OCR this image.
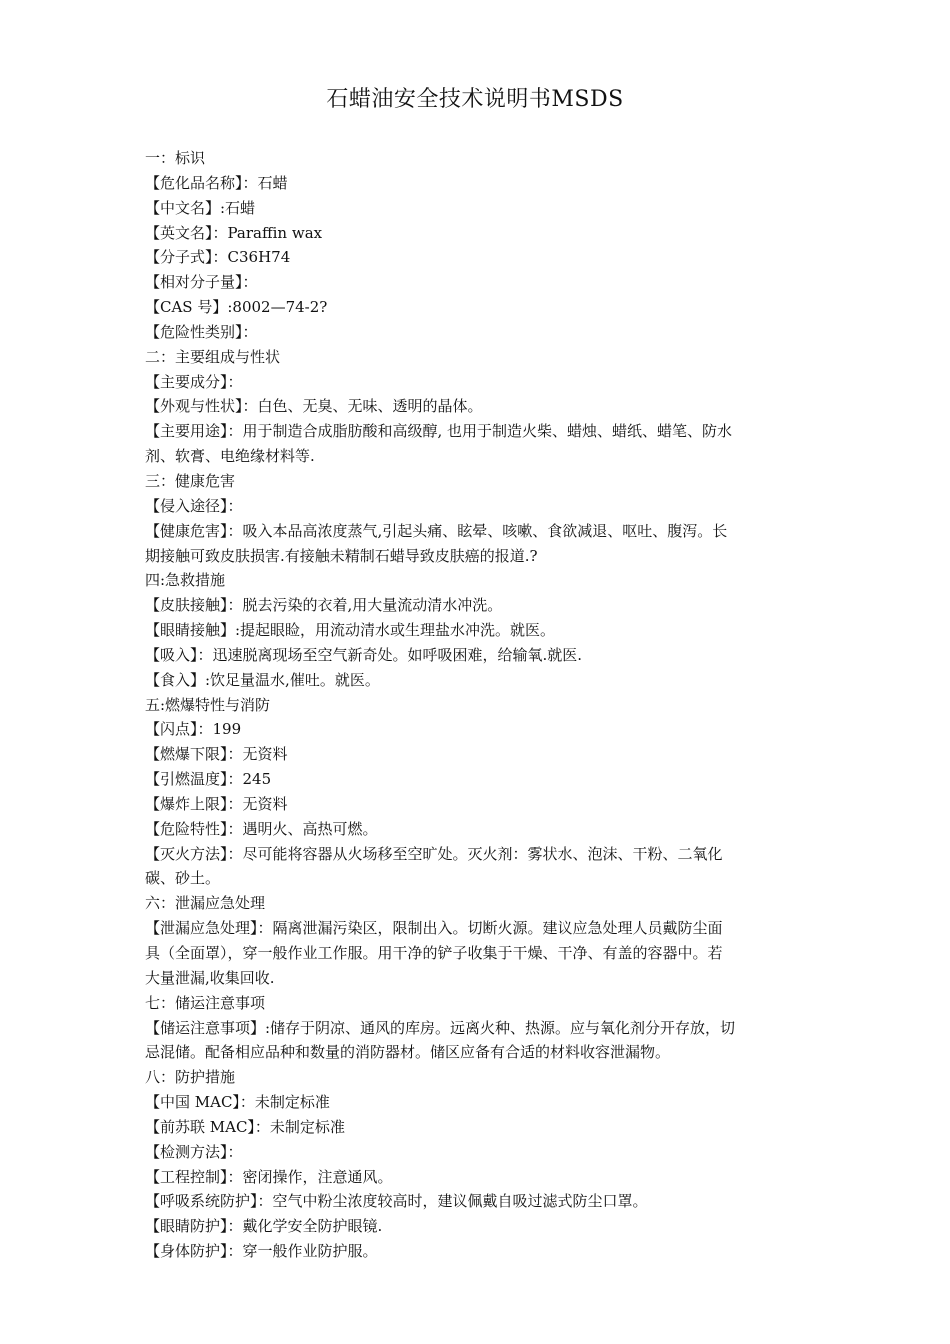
石蜡油安全技术说明书MSDS
一：标识
【危化品名称】：石蜡
【中文名】:石蜡
【英文名】：Paraffin wax
【分子式】：C36H74
【相对分子量】：
【CAS 号】:8002—74-2?
【危险性类别】：
二：主要组成与性状
【主要成分】：
【外观与性状】：白色、无臭、无味、透明的晶体。
【主要用途】：用于制造合成脂肪酸和高级醇, 也用于制造火柴、蜡烛、蜡纸、蜡笔、防水
剂、软膏、电绝缘材料等.
三：健康危害
【侵入途径】：
【健康危害】：吸入本品高浓度蒸气,引起头痛、眩晕、咳嗽、食欲减退、呕吐、腹泻。长
期接触可致皮肤损害.有接触未精制石蜡导致皮肤癌的报道.?
四:急救措施
【皮肤接触】：脱去污染的衣着,用大量流动清水冲洗。
【眼睛接触】:提起眼睑，用流动清水或生理盐水冲洗。就医。
【吸入】：迅速脱离现场至空气新奇处。如呼吸困难，给输氧.就医.
【食入】:饮足量温水,催吐。就医。
五:燃爆特性与消防
【闪点】：199
【燃爆下限】：无资料
【引燃温度】：245
【爆炸上限】：无资料
【危险特性】：遇明火、高热可燃。
【灭火方法】：尽可能将容器从火场移至空旷处。灭火剂：雾状水、泡沫、干粉、二氧化
碳、砂土。
六：泄漏应急处理
【泄漏应急处理】：隔离泄漏污染区，限制出入。切断火源。建议应急处理人员戴防尘面
具（全面罩），穿一般作业工作服。用干净的铲子收集于干燥、干净、有盖的容器中。若
大量泄漏,收集回收.
七：储运注意事项
【储运注意事项】:储存于阴凉、通风的库房。远离火种、热源。应与氧化剂分开存放，切
忌混储。配备相应品种和数量的消防器材。储区应备有合适的材料收容泄漏物。
八：防护措施
【中国 MAC】：未制定标准
【前苏联 MAC】：未制定标准
【检测方法】：
【工程控制】：密闭操作，注意通风。
【呼吸系统防护】：空气中粉尘浓度较高时，建议佩戴自吸过滤式防尘口罩。
【眼睛防护】：戴化学安全防护眼镜.
【身体防护】：穿一般作业防护服。
